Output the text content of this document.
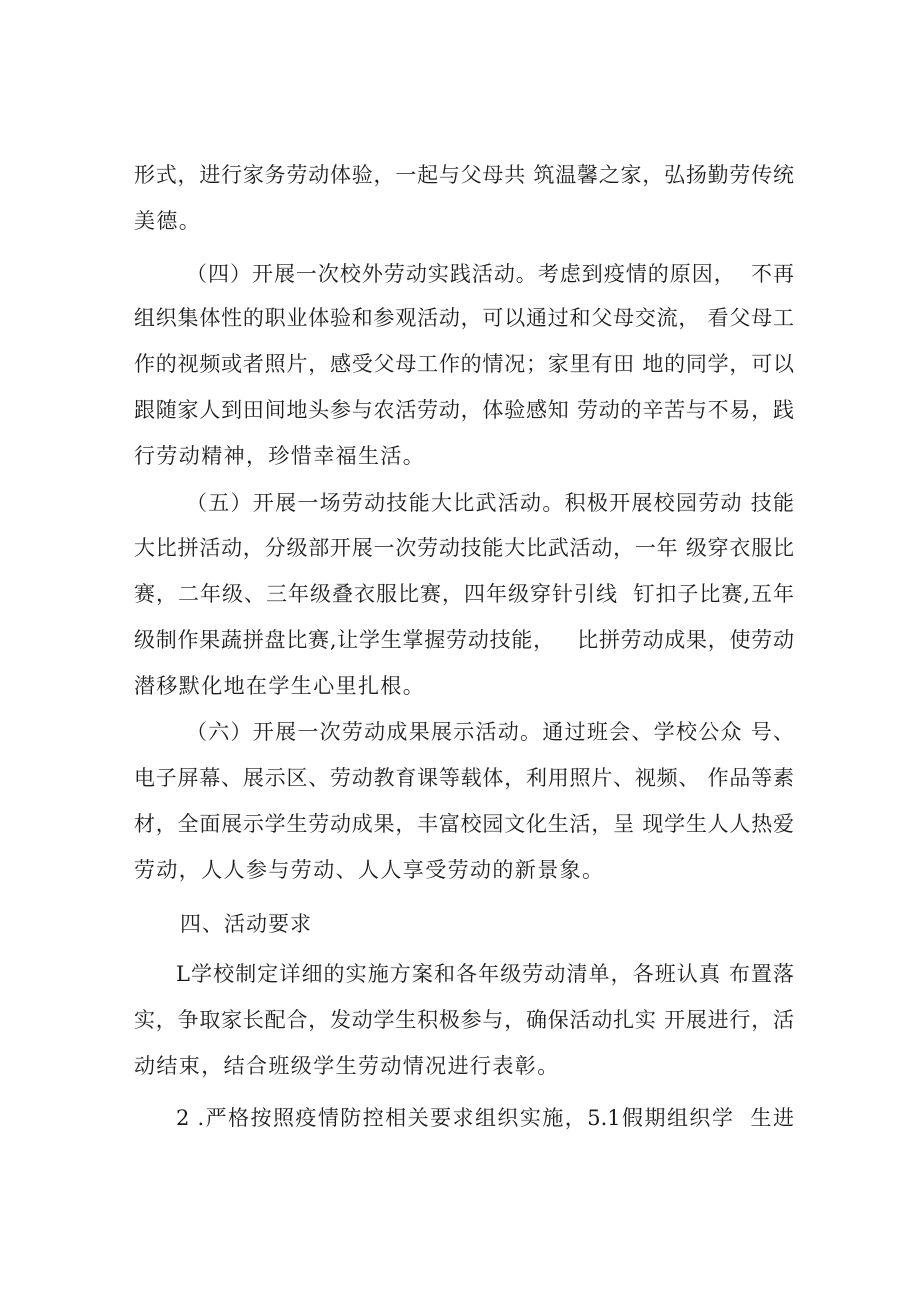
形式，进行家务劳动体验，一起与父母共 筑温馨之家，弘扬勤劳传统
美德。
（四）开展一次校外劳动实践活动。考虑到疫情的原因，  不再
组织集体性的职业体验和参观活动，可以通过和父母交流， 看父母工
作的视频或者照片，感受父母工作的情况；家里有田 地的同学，可以
跟随家人到田间地头参与农活劳动，体验感知 劳动的辛苦与不易，践
行劳动精神，珍惜幸福生活。
（五）开展一场劳动技能大比武活动。积极开展校园劳动 技能
大比拼活动，分级部开展一次劳动技能大比武活动，一年 级穿衣服比
赛，二年级、三年级叠衣服比赛，四年级穿针引线  钉扣子比赛,五年
级制作果蔬拼盘比赛,让学生掌握劳动技能，   比拼劳动成果，使劳动
潜移默化地在学生心里扎根。
（六）开展一次劳动成果展示活动。通过班会、学校公众 号、
电子屏幕、展示区、劳动教育课等载体，利用照片、视频、 作品等素
材，全面展示学生劳动成果，丰富校园文化生活，呈 现学生人人热爱
劳动，人人参与劳动、人人享受劳动的新景象。
四、活动要求
L学校制定详细的实施方案和各年级劳动清单，各班认真 布置落
实，争取家长配合，发动学生积极参与，确保活动扎实 开展进行，活
动结束，结合班级学生劳动情况进行表彰。
2 .严格按照疫情防控相关要求组织实施，5.1假期组织学  生进
